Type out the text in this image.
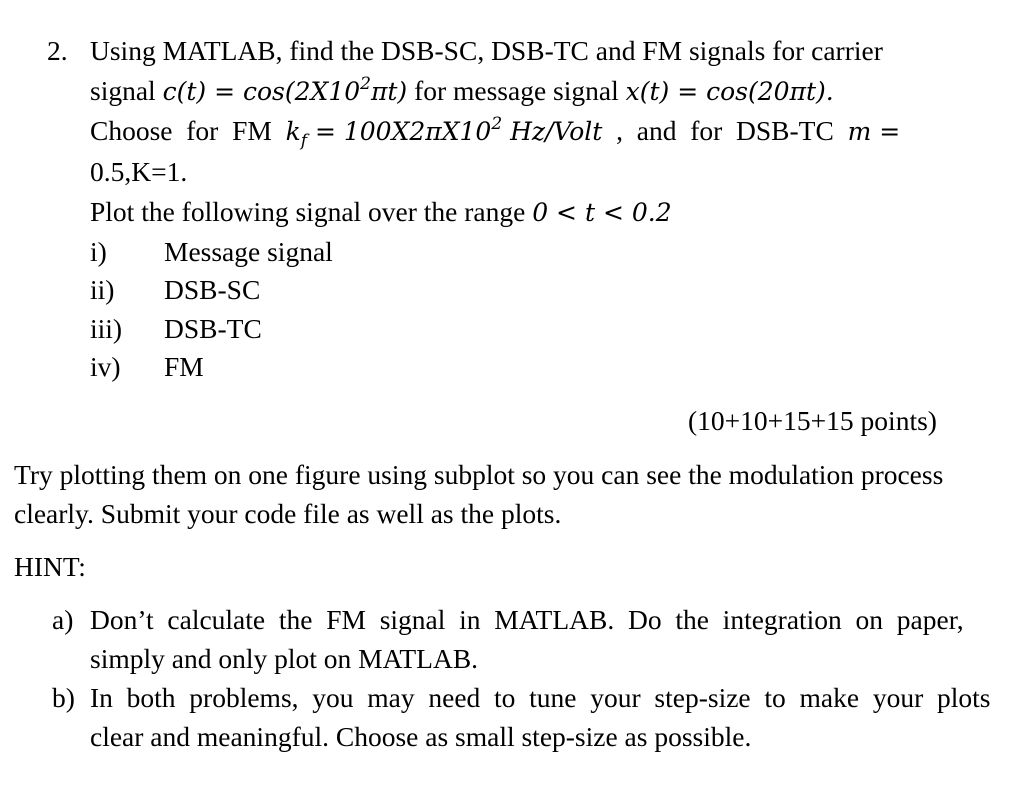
2. Using MATLAB, find the DSB-SC, DSB-TC and FM signals for carrier
signal $c(t) = \cos(2X10^2\pi t)$ for message signal x(t) = cos(20πt).
Choose  for  FM  $k_f = 100X2\pi X10^2$ Hz/Volt  ,  and  for  DSB-TC  m =
0.5,K=1.
Plot the following signal over the range 0 < t < 0.2
i) Message signal
ii) DSB-SC
iii) DSB-TC
iv) FM
(10+10+15+15 points)
Try plotting them on one figure using subplot so you can see the modulation process
clearly. Submit your code file as well as the plots.
HINT:
a) Don’t  calculate  the  FM  signal  in  MATLAB.  Do  the  integration  on  paper,
simply and only plot on MATLAB.
b) In  both  problems,  you  may  need  to  tune  your  step-size  to  make  your  plots
clear and meaningful. Choose as small step-size as possible.
